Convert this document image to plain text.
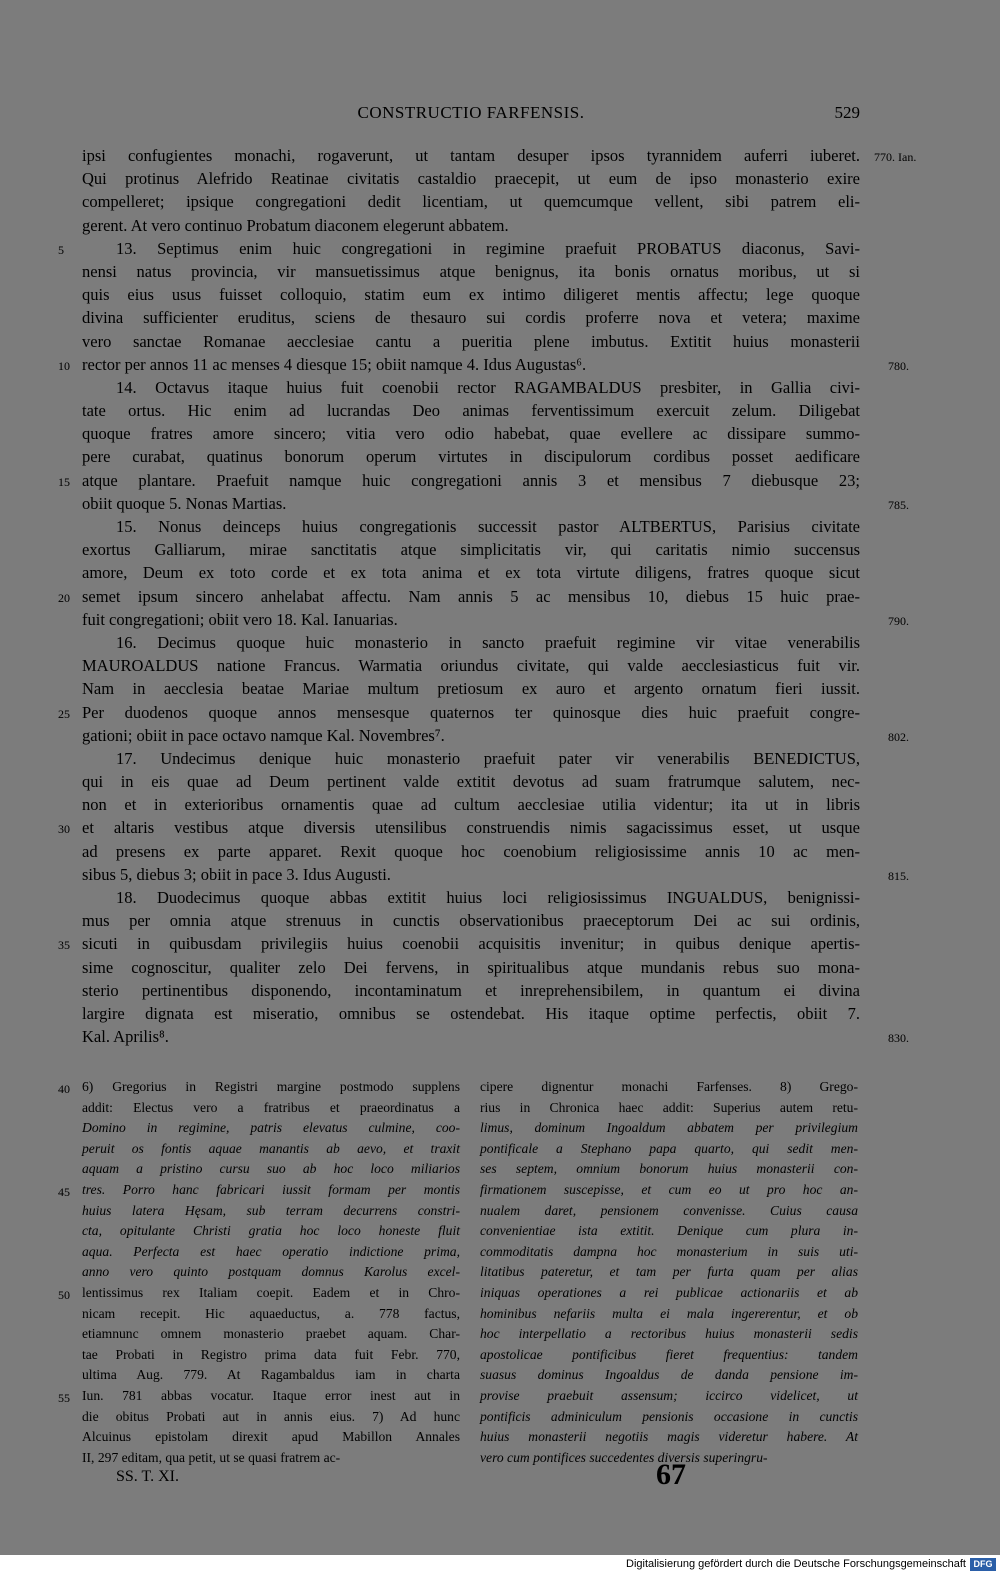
CONSTRUCTIO FARFENSIS.	529
ipsi confugientes monachi, rogaverunt, ut tantam desuper ipsos tyrannidem auferri iuberet. 770. Ian.
Qui protinus Alefrido Reatinae civitatis castaldio praecepit, ut eum de ipso monasterio exire
compelleret; ipsique congregationi dedit licentiam, ut quemcumque vellent, sibi patrem eli-
gerent. At vero continuo Probatum diaconem elegerunt abbatem.
13. Septimus enim huic congregationi in regimine praefuit PROBATUS diaconus, Savi-
5
nensi natus provincia, vir mansuetissimus atque benignus, ita bonis ornatus moribus, ut si
quis eius usus fuisset colloquio, statim eum ex intimo diligeret mentis affectu; lege quoque
divina sufficienter eruditus, sciens de thesauro sui cordis proferre nova et vetera; maxime
vero sanctae Romanae aecclesiae cantu a pueritia plene imbutus. Extitit huius monasterii
rector per annos 11 ac menses 4 diesque 15; obiit namque 4. Idus Augustas⁶.
10	780.
14. Octavus itaque huius fuit coenobii rector RAGAMBALDUS presbiter, in Gallia civi-
tate ortus. Hic enim ad lucrandas Deo animas ferventissimum exercuit zelum. Diligebat
quoque fratres amore sincero; vitia vero odio habebat, quae evellere ac dissipare summo-
pere curabat, quatinus bonorum operum virtutes in discipulorum cordibus posset aedificare
atque plantare. Praefuit namque huic congregationi annis 3 et mensibus 7 diebusque 23;
15
obiit quoque 5. Nonas Martias.	785.
15. Nonus deinceps huius congregationis successit pastor ALTBERTUS, Parisius civitate
exortus Galliarum, mirae sanctitatis atque simplicitatis vir, qui caritatis nimio succensus
amore, Deum ex toto corde et ex tota anima et ex tota virtute diligens, fratres quoque sicut
semet ipsum sincero anhelabat affectu. Nam annis 5 ac mensibus 10, diebus 15 huic prae-
20
fuit congregationi; obiit vero 18. Kal. Ianuarias.	790.
16. Decimus quoque huic monasterio in sancto praefuit regimine vir vitae venerabilis
MAUROALDUS natione Francus. Warmatia oriundus civitate, qui valde aecclesiasticus fuit vir.
Nam in aecclesia beatae Mariae multum pretiosum ex auro et argento ornatum fieri iussit.
Per duodenos quoque annos mensesque quaternos ter quinosque dies huic praefuit congre-
25
gationi; obiit in pace octavo namque Kal. Novembres⁷.	802.
17. Undecimus denique huic monasterio praefuit pater vir venerabilis BENEDICTUS,
qui in eis quae ad Deum pertinent valde extitit devotus ad suam fratrumque salutem, nec-
non et in exterioribus ornamentis quae ad cultum aecclesiae utilia videntur; ita ut in libris
et altaris vestibus atque diversis utensilibus construendis nimis sagacissimus esset, ut usque
30
ad presens ex parte apparet. Rexit quoque hoc coenobium religiosissime annis 10 ac men-
sibus 5, diebus 3; obiit in pace 3. Idus Augusti.	815.
18. Duodecimus quoque abbas extitit huius loci religiosissimus INGUALDUS, benignissi-
mus per omnia atque strenuus in cunctis observationibus praeceptorum Dei ac sui ordinis,
sicuti in quibusdam privilegiis huius coenobii acquisitis invenitur; in quibus denique apertis-
35
sime cognoscitur, qualiter zelo Dei fervens, in spiritualibus atque mundanis rebus suo mona-
sterio pertinentibus disponendo, incontaminatum et inreprehensibilem, in quantum ei divina
largire dignata est miseratio, omnibus se ostendebat. His itaque optime perfectis, obiit 7.
Kal. Aprilis⁸.	830.
6) Gregorius in Registri margine postmodo supplens
40
addit: Electus vero a fratribus et praeordinatus a
Domino in regimine, patris elevatus culmine, coo-
peruit os fontis aquae manantis ab aevo, et traxit
aquam a pristino cursu suo ab hoc loco miliarios
tres. Porro hanc fabricari iussit formam per montis
45
huius latera Hęsam, sub terram decurrens constri-
cta, opitulante Christi gratia hoc loco honeste fluit
aqua. Perfecta est haec operatio indictione prima,
anno vero quinto postquam domnus Karolus excel-
lentissimus rex Italiam coepit. Eadem et in Chro-
50
nicam recepit. Hic aquaeductus, a. 778 factus,
etiamnunc omnem monasterio praebet aquam. Char-
tae Probati in Registro prima data fuit Febr. 770,
ultima Aug. 779. At Ragambaldus iam in charta
Iun. 781 abbas vocatur. Itaque error inest aut in
55
die obitus Probati aut in annis eius. 7) Ad hunc
Alcuinus epistolam direxit apud Mabillon Annales
II, 297 editam, qua petit, ut se quasi fratrem ac-
cipere dignentur monachi Farfenses. 8) Grego-
rius in Chronica haec addit: Superius autem retu-
limus, dominum Ingoaldum abbatem per privilegium
pontificale a Stephano papa quarto, qui sedit men-
ses septem, omnium bonorum huius monasterii con-
firmationem suscepisse, et cum eo ut pro hoc an-
nualem daret, pensionem convenisse. Cuius causa
convenientiae ista extitit. Denique cum plura in-
commoditatis dampna hoc monasterium in suis uti-
litatibus pateretur, et tam per furta quam per alias
iniquas operationes a rei publicae actionariis et ab
hominibus nefariis multa ei mala ingererentur, et ob
hoc interpellatio a rectoribus huius monasterii sedis
apostolicae pontificibus fieret frequentius: tandem
suasus dominus Ingoaldus de danda pensione im-
provise praebuit assensum; iccirco videlicet, ut
pontificis adminiculum pensionis occasione in cunctis
huius monasterii negotiis magis videretur habere. At
vero cum pontifices succedentes diversis superingru-
SS. T. XI.	67
Digitalisierung gefördert durch die Deutsche Forschungsgemeinschaft DFG
